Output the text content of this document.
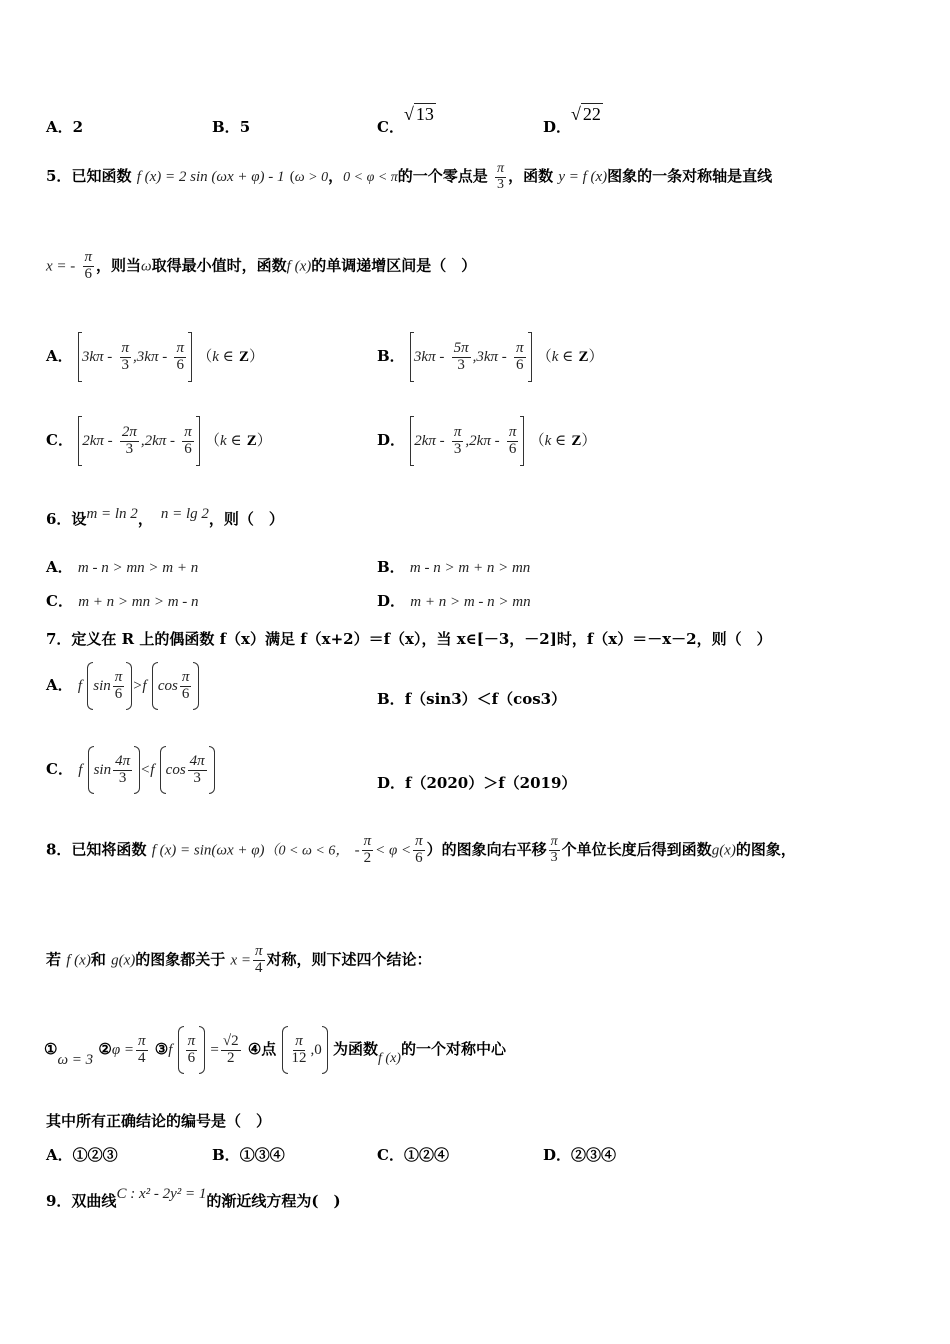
A．2	B．5	C．√ 13
D．√ 22
5．已知函数 f (x) = 2 sin (ωx + φ) - 1 (ω > 0，0 < φ < π的一个零点是 $\frac{\pi}{3}$ ，函数 y = f (x)图象的一条对称轴是直线
x = - $\frac{\pi}{6}$ ，则当ω取得最小值时，函数f (x)的单调递增区间是（　）
A． $3k\pi - \frac{\pi}{3} ,3k\pi - \frac{\pi}{6} (k$ ∈ Z）	B． $3k\pi - \frac{5\pi}{3} ,3k\pi - \frac{\pi}{6} (k$ ∈ Z）
C． $2k\pi - \frac{2\pi}{3} ,2k\pi - \frac{\pi}{6} (k$ ∈ Z）	D． $2k\pi - \frac{\pi}{3} ,2k\pi - \frac{\pi}{6} (k$ ∈ Z）
6．设m = ln 2， n = lg 2，则（　）
A． m - n > mn > m + n	B． m - n > m + n > mn
C． m + n > mn > m - n	D． m + n > m - n > mn
7．定义在 R 上的偶函数 f（x）满足 f（x+2）＝f（x），当 x∈[－3，－2]时，f（x）＝－x－2，则（　）
A． f $\sin \frac{\pi}{6} >f$ $\cos \frac{\pi}{6}$	B．f（sin3）＜f（cos3）
C． f $\sin \frac{4\pi}{3} <f$ $\cos \frac{4\pi}{3}$	D．f（2020）＞f（2019）
8．已知将函数 f (x) = sin(ωx + φ)（0 < ω < 6， - $\frac{\pi}{2} < \varphi < \frac{\pi}{6}$ ）的图象向右平移 $\frac{\pi}{3}$ 个单位长度后得到函数g(x)的图象，
若 f (x)和 g(x)的图象都关于 $x = \frac{\pi}{4}$ 对称，则下述四个结论：
①ω = 3 ②φ = $\frac{\pi}{4}$ ③f $\frac{\pi}{6} = \frac{√2}{2}$ ④点 $\frac{\pi}{12} ,0$ 为函数f (x)的一个对称中心
其中所有正确结论的编号是（　）
A．①②③	B．①③④	C．①②④	D．②③④
9．双曲线C : x² - 2y² = 1的渐近线方程为(　)
